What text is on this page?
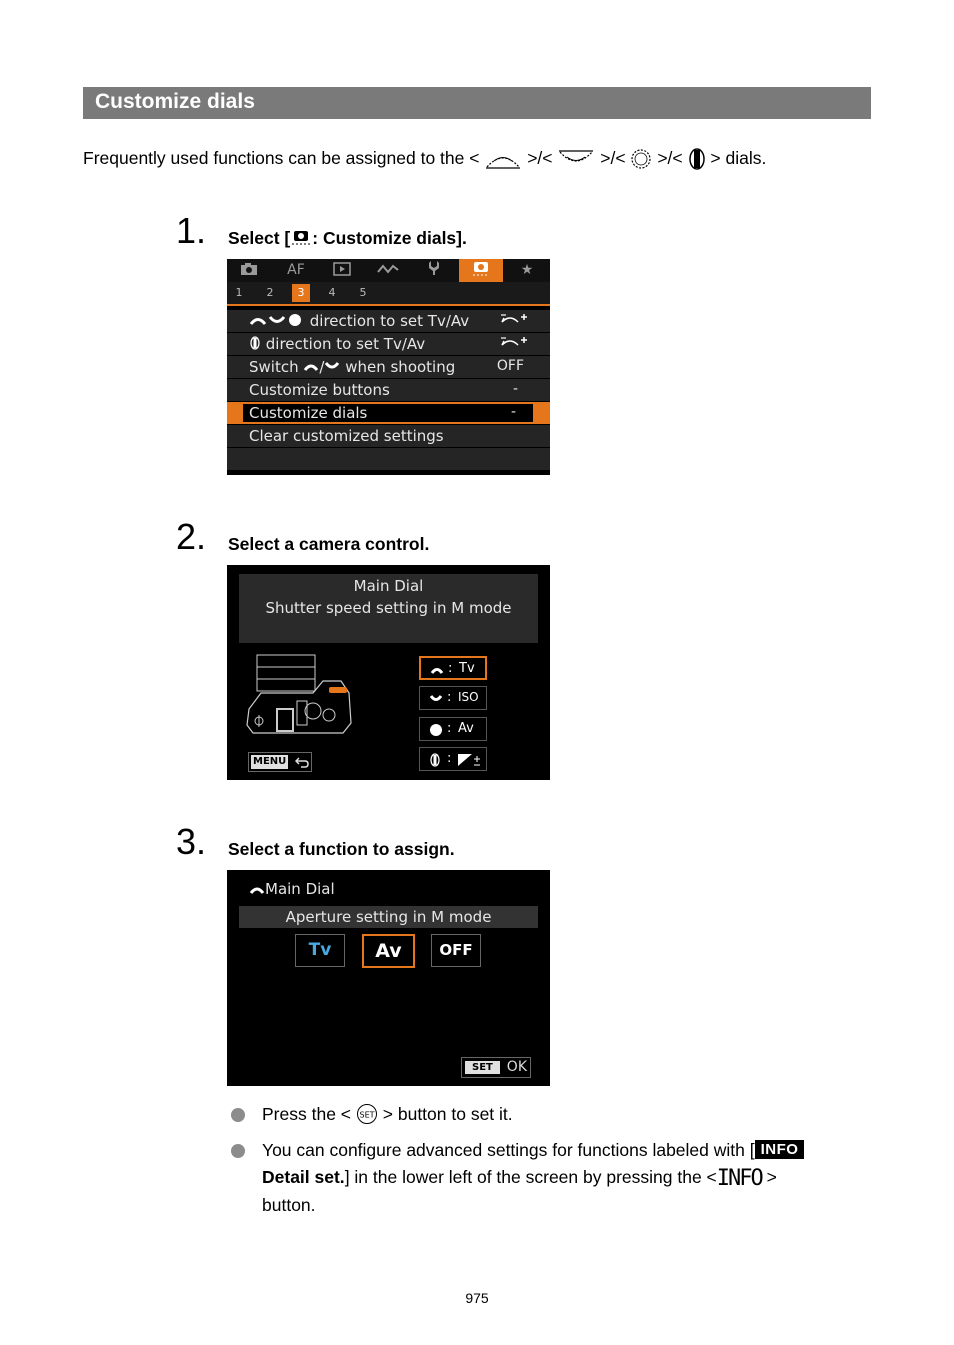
Customize dials
Frequently used functions can be assigned to the <	>/<	>/< >/< > dials.
1. Select [ : Customize dials].
AF	★
1	2	3	4	5
direction to set Tv/Av
direction to set Tv/Av
Switch / when shooting	OFF
Customize buttons	-
Customize dials	-
Clear customized settings
2. Select a camera control.
Main Dial
Shutter speed setting in M mode
MENU
: Tv
: ISO
: Av
:
3. Select a function to assign.
Main Dial
Aperture setting in M mode
Tv	Av	OFF
SET OK
Press the < SET > button to set it.
You can configure advanced settings for functions labeled with [ INFO
Detail set.] in the lower left of the screen by pressing the <INFO >
button.
975
